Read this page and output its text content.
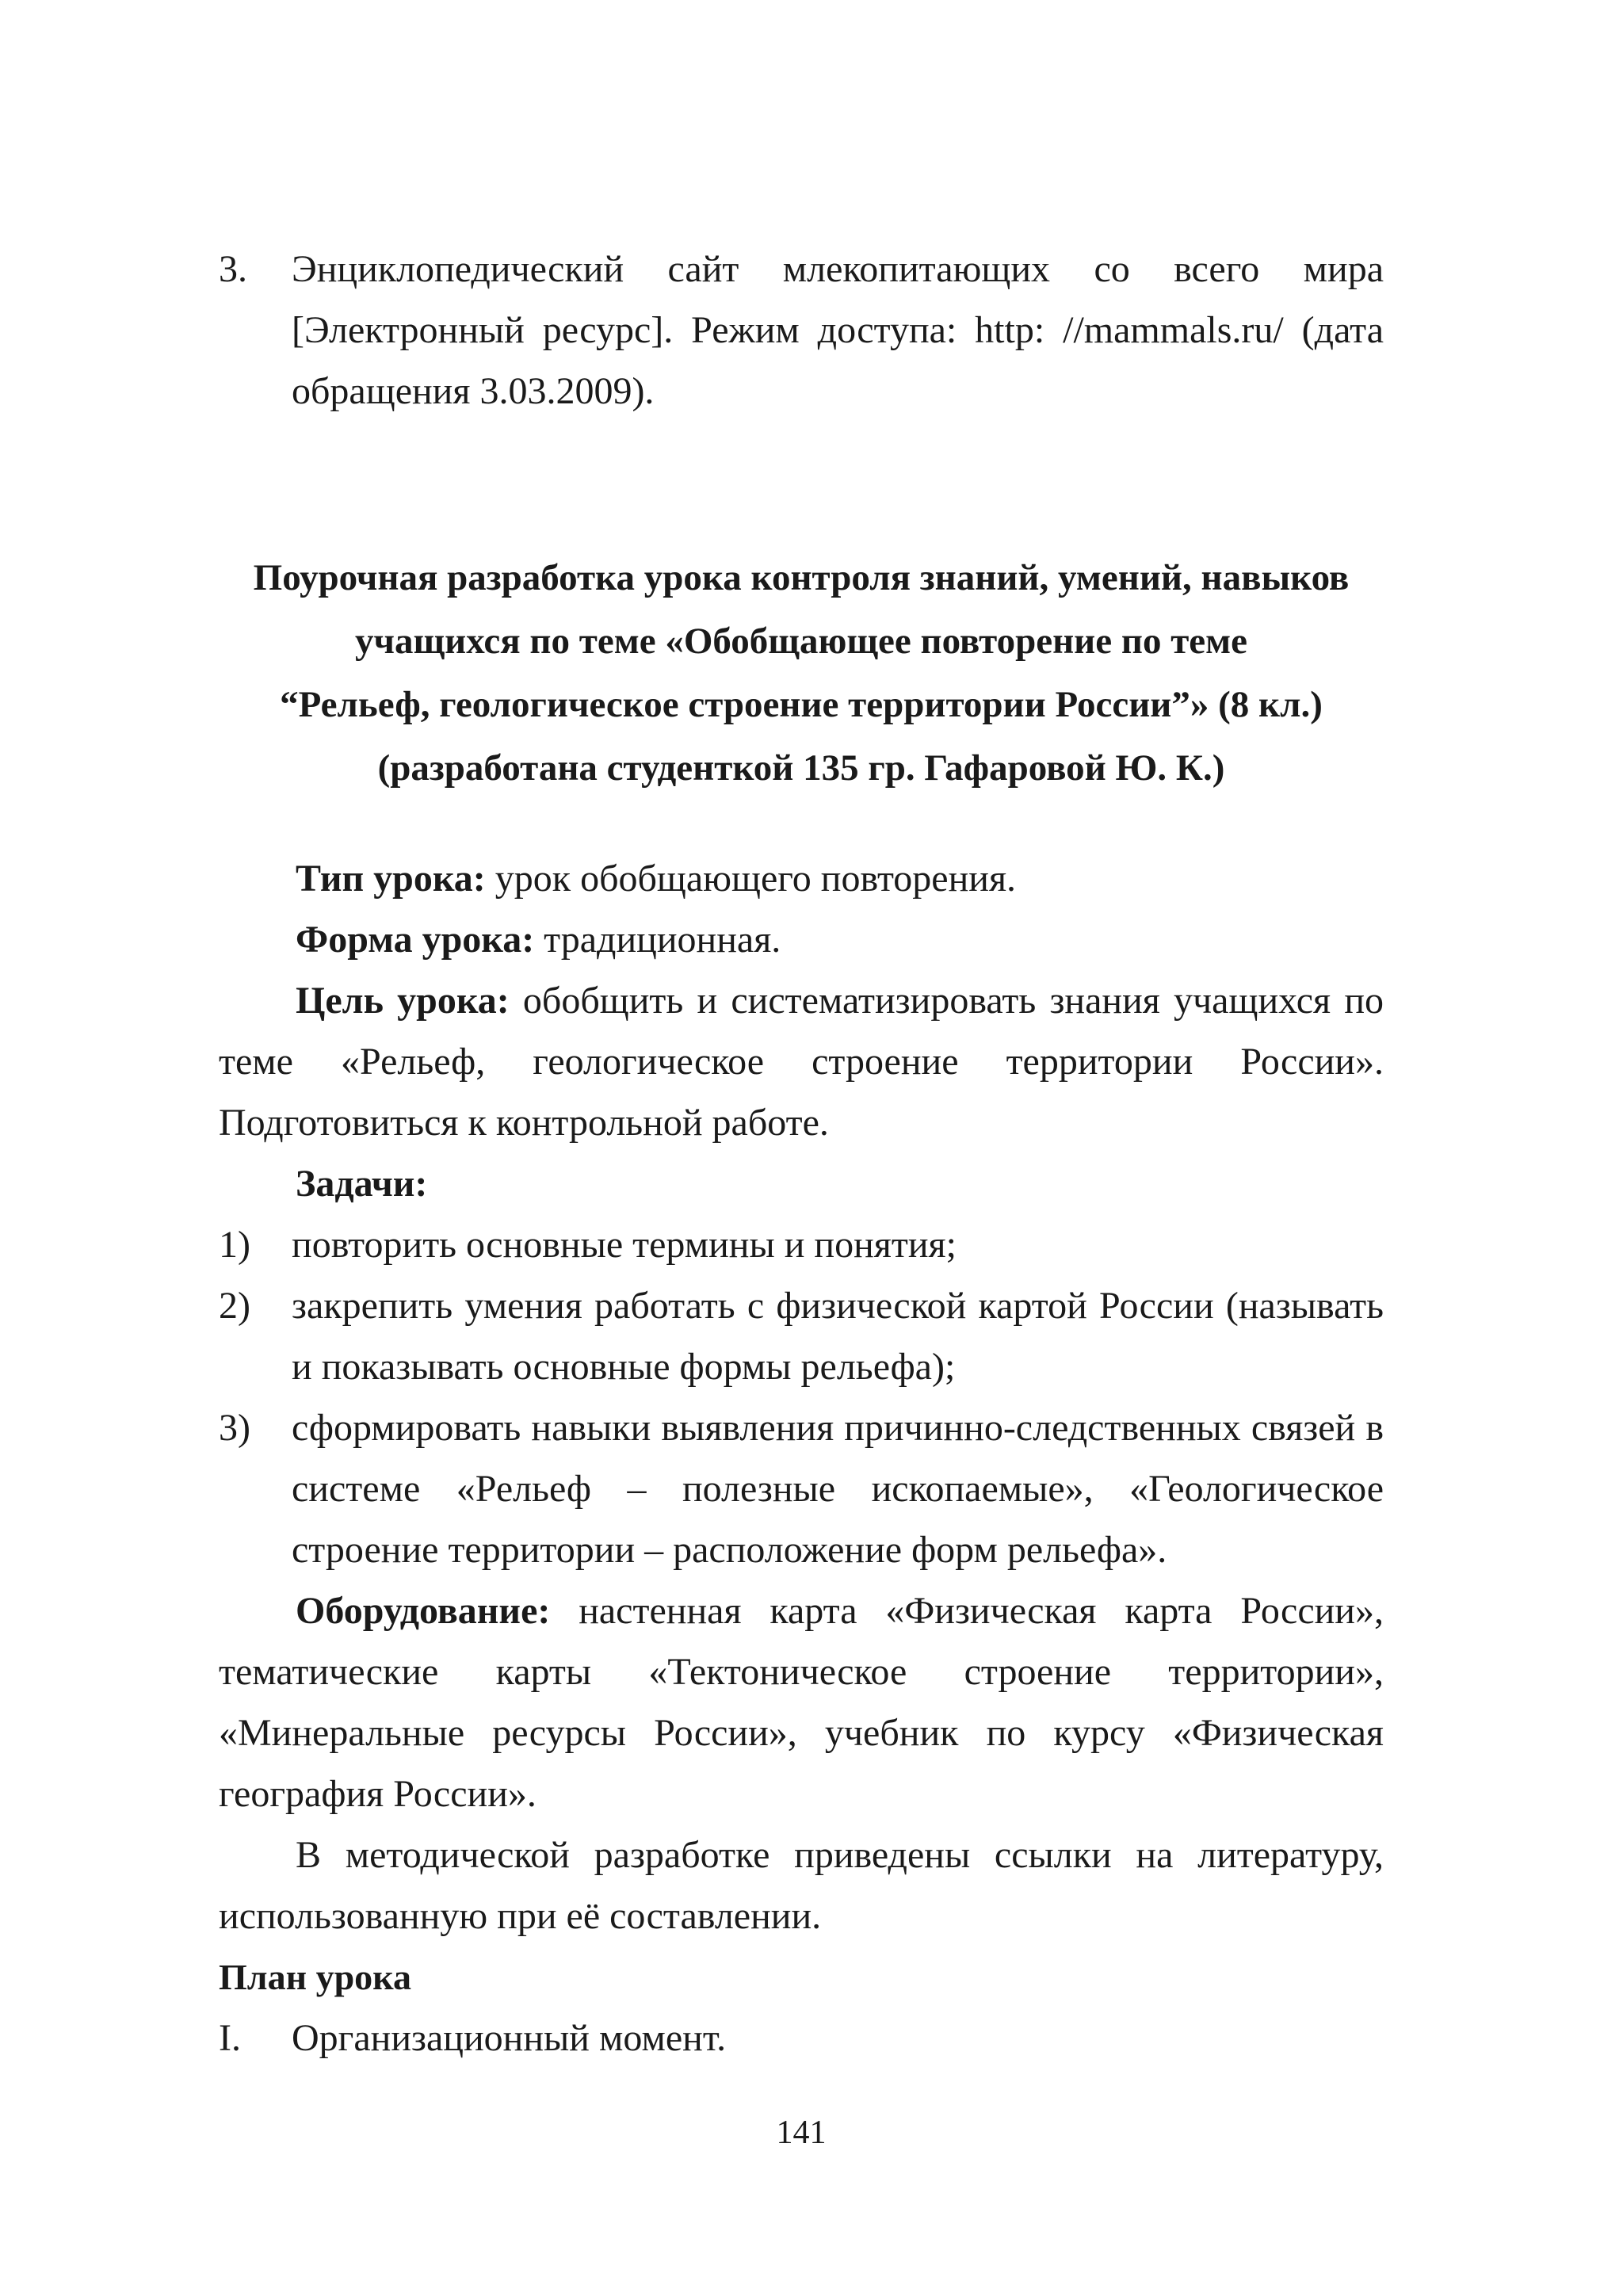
3. Энциклопедический сайт млекопитающих со всего мира [Электронный ресурс]. Режим доступа: http: //mammals.ru/ (дата обращения 3.03.2009).
Поурочная разработка урока контроля знаний, умений, навыков
учащихся по теме «Обобщающее повторение по теме
“Рельеф, геологическое строение территории России”» (8 кл.)
(разработана студенткой 135 гр. Гафаровой Ю. К.)

Тип урока: урок обобщающего повторения.

Форма урока: традиционная.

Цель урока: обобщить и систематизировать знания учащихся по теме «Рельеф, геологическое строение территории России». Подготовиться к контрольной работе.

Задачи:

1) повторить основные термины и понятия;
2) закрепить умения работать с физической картой России (называть и показывать основные формы рельефа);
3) сформировать навыки выявления причинно-следственных связей в системе «Рельеф – полезные ископаемые», «Геологическое строение территории – расположение форм рельефа».

Оборудование: настенная карта «Физическая карта России», тематические карты «Тектоническое строение территории», «Минеральные ресурсы России», учебник по курсу «Физическая география России».

В методической разработке приведены ссылки на литературу, использованную при её составлении.

План урока

I. Организационный момент.
141
